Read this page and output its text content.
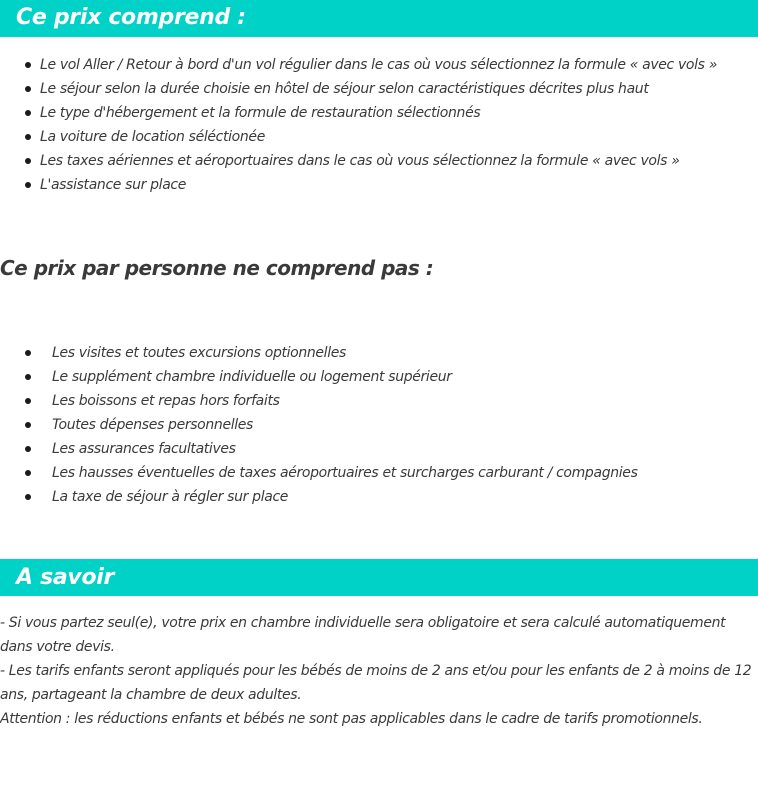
Ce prix comprend :
Le vol Aller / Retour à bord d'un vol régulier dans le cas où vous sélectionnez la formule « avec vols »
Le séjour selon la durée choisie en hôtel de séjour selon caractéristiques décrites plus haut
Le type d'hébergement et la formule de restauration sélectionnés
La voiture de location séléctionée
Les taxes aériennes et aéroportuaires dans le cas où vous sélectionnez la formule « avec vols »
L'assistance sur place
Ce prix par personne ne comprend pas :
Les visites et toutes excursions optionnelles
Le supplément chambre individuelle ou logement supérieur
Les boissons et repas hors forfaits
Toutes dépenses personnelles
Les assurances facultatives
Les hausses éventuelles de taxes aéroportuaires et surcharges carburant / compagnies
La taxe de séjour à régler sur place
A savoir

- Si vous partez seul(e), votre prix en chambre individuelle sera obligatoire et sera calculé automatiquement dans votre devis.

- Les tarifs enfants seront appliqués pour les bébés de moins de 2 ans et/ou pour les enfants de 2 à moins de 12 ans, partageant la chambre de deux adultes.

Attention : les réductions enfants et bébés ne sont pas applicables dans le cadre de tarifs promotionnels.
